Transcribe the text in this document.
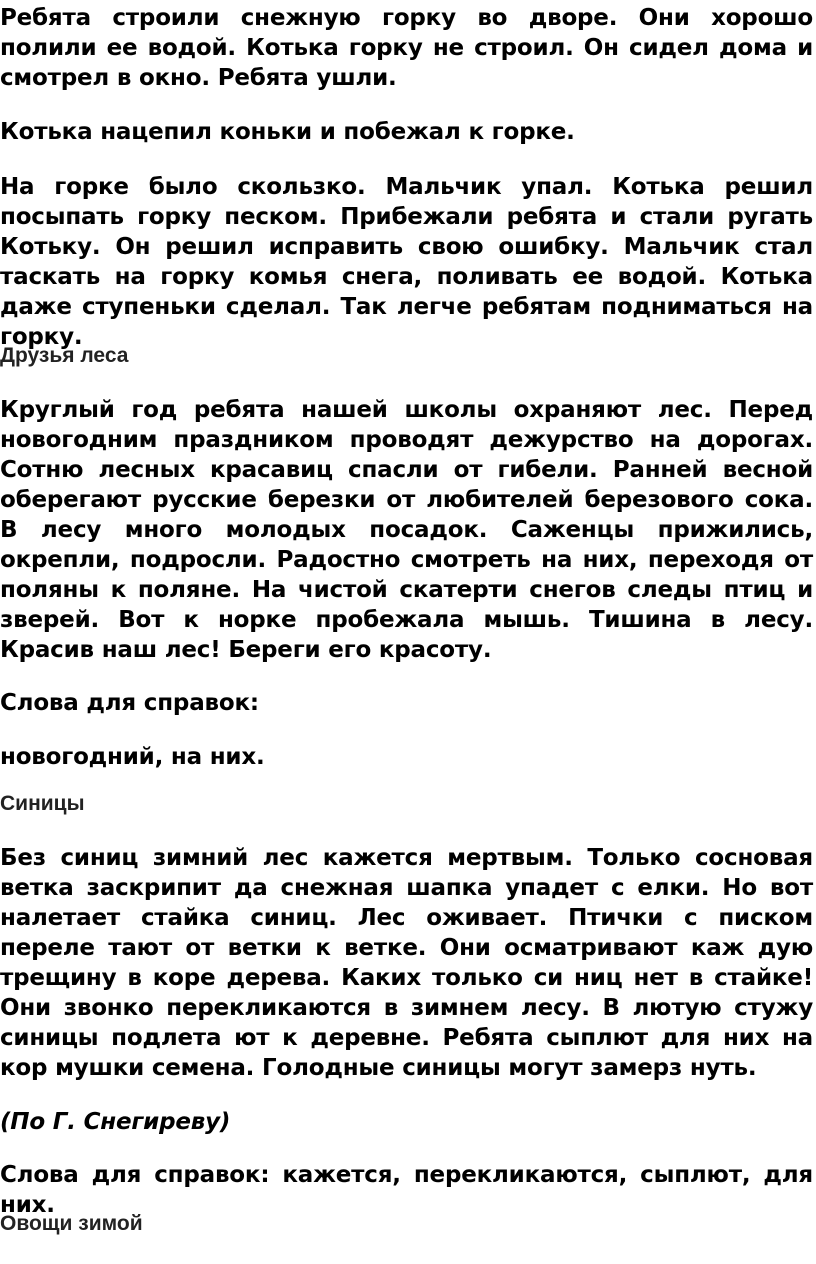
Ребята строили снежную горку во дворе. Они хорошо полили ее водой. Котька горку не строил. Он сидел дома и смотрел в окно. Ребята ушли.

Котька нацепил коньки и побежал к горке.

На горке было скользко. Мальчик упал. Котька решил посыпать горку песком. Прибежали ребята и стали ругать Котьку. Он решил исправить свою ошибку. Мальчик стал таскать на горку комья снега, поливать ее водой. Котька даже ступеньки сделал. Так легче ребятам подниматься на горку.

Друзья леса

Круглый год ребята нашей школы охраняют лес. Перед новогодним праздником проводят дежурство на дорогах. Сотню лесных красавиц спасли от гибели. Ранней весной оберегают русские березки от любителей березового сока. В лесу много молодых посадок. Саженцы прижились, окрепли, подросли. Радостно смотреть на них, переходя от поляны к поляне. На чистой скатерти снегов следы птиц и зверей. Вот к норке пробежала мышь. Тишина в лесу. Красив наш лес! Береги его красоту.

Слова для справок:

новогодний, на них.

Синицы

Без синиц зимний лес кажется мертвым. Только сосновая ветка заскрипит да снежная шапка упадет с елки. Но вот налетает стайка синиц. Лес оживает. Птички с писком переле тают от ветки к ветке. Они осматривают каж дую трещину в коре дерева. Каких только си ниц нет в стайке! Они звонко перекликаются в зимнем лесу. В лютую стужу синицы подлета ют к деревне. Ребята сыплют для них на кор мушки семена. Голодные синицы могут замерз нуть.

(По Г. Снегиреву)

Слова для справок: кажется, перекликаются, сыплют, для них.

Овощи зимой
